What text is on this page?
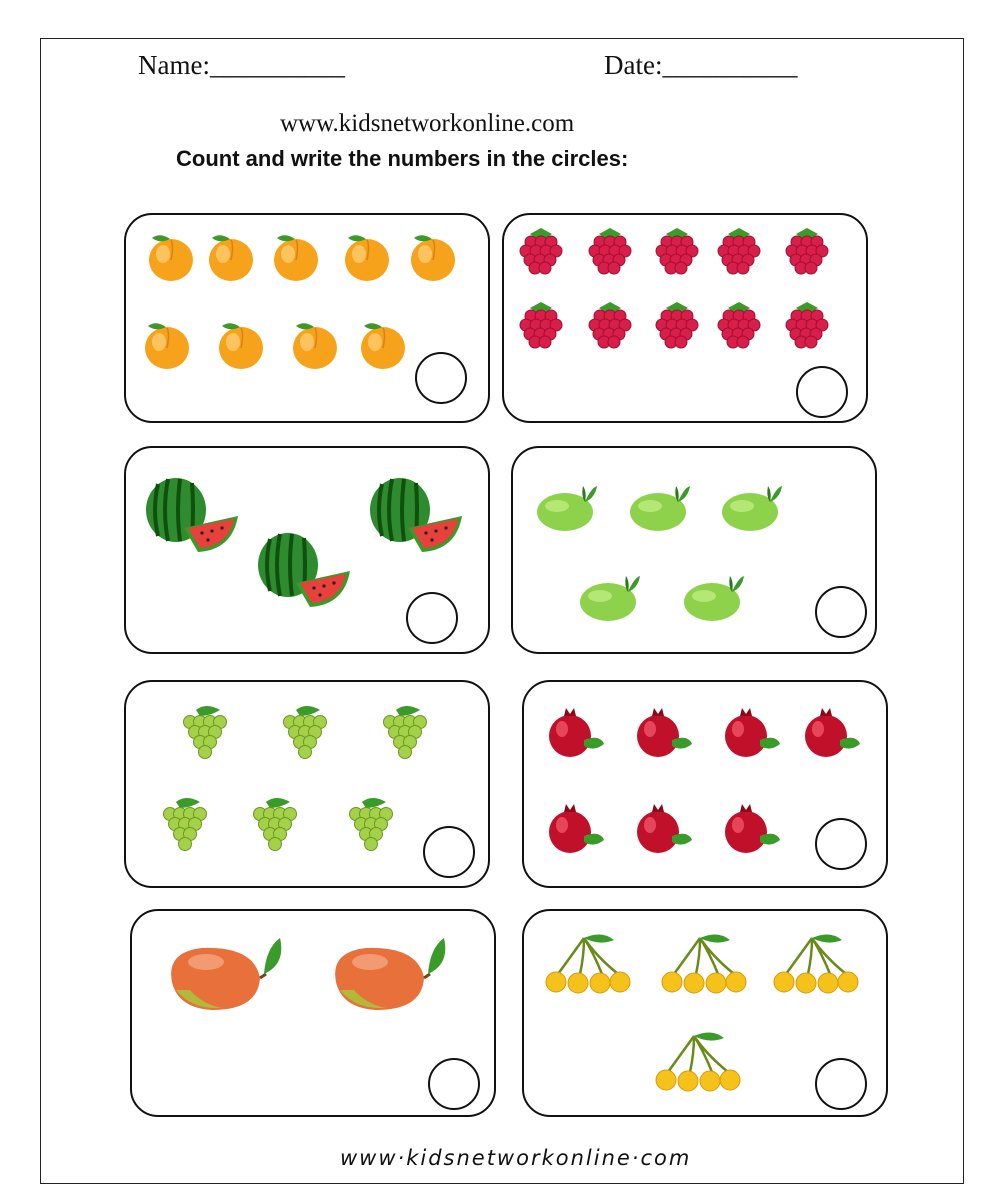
Name:__________	Date:__________
www.kidsnetworkonline.com
Count and write the numbers in the circles:
www·kidsnetworkonline·com
